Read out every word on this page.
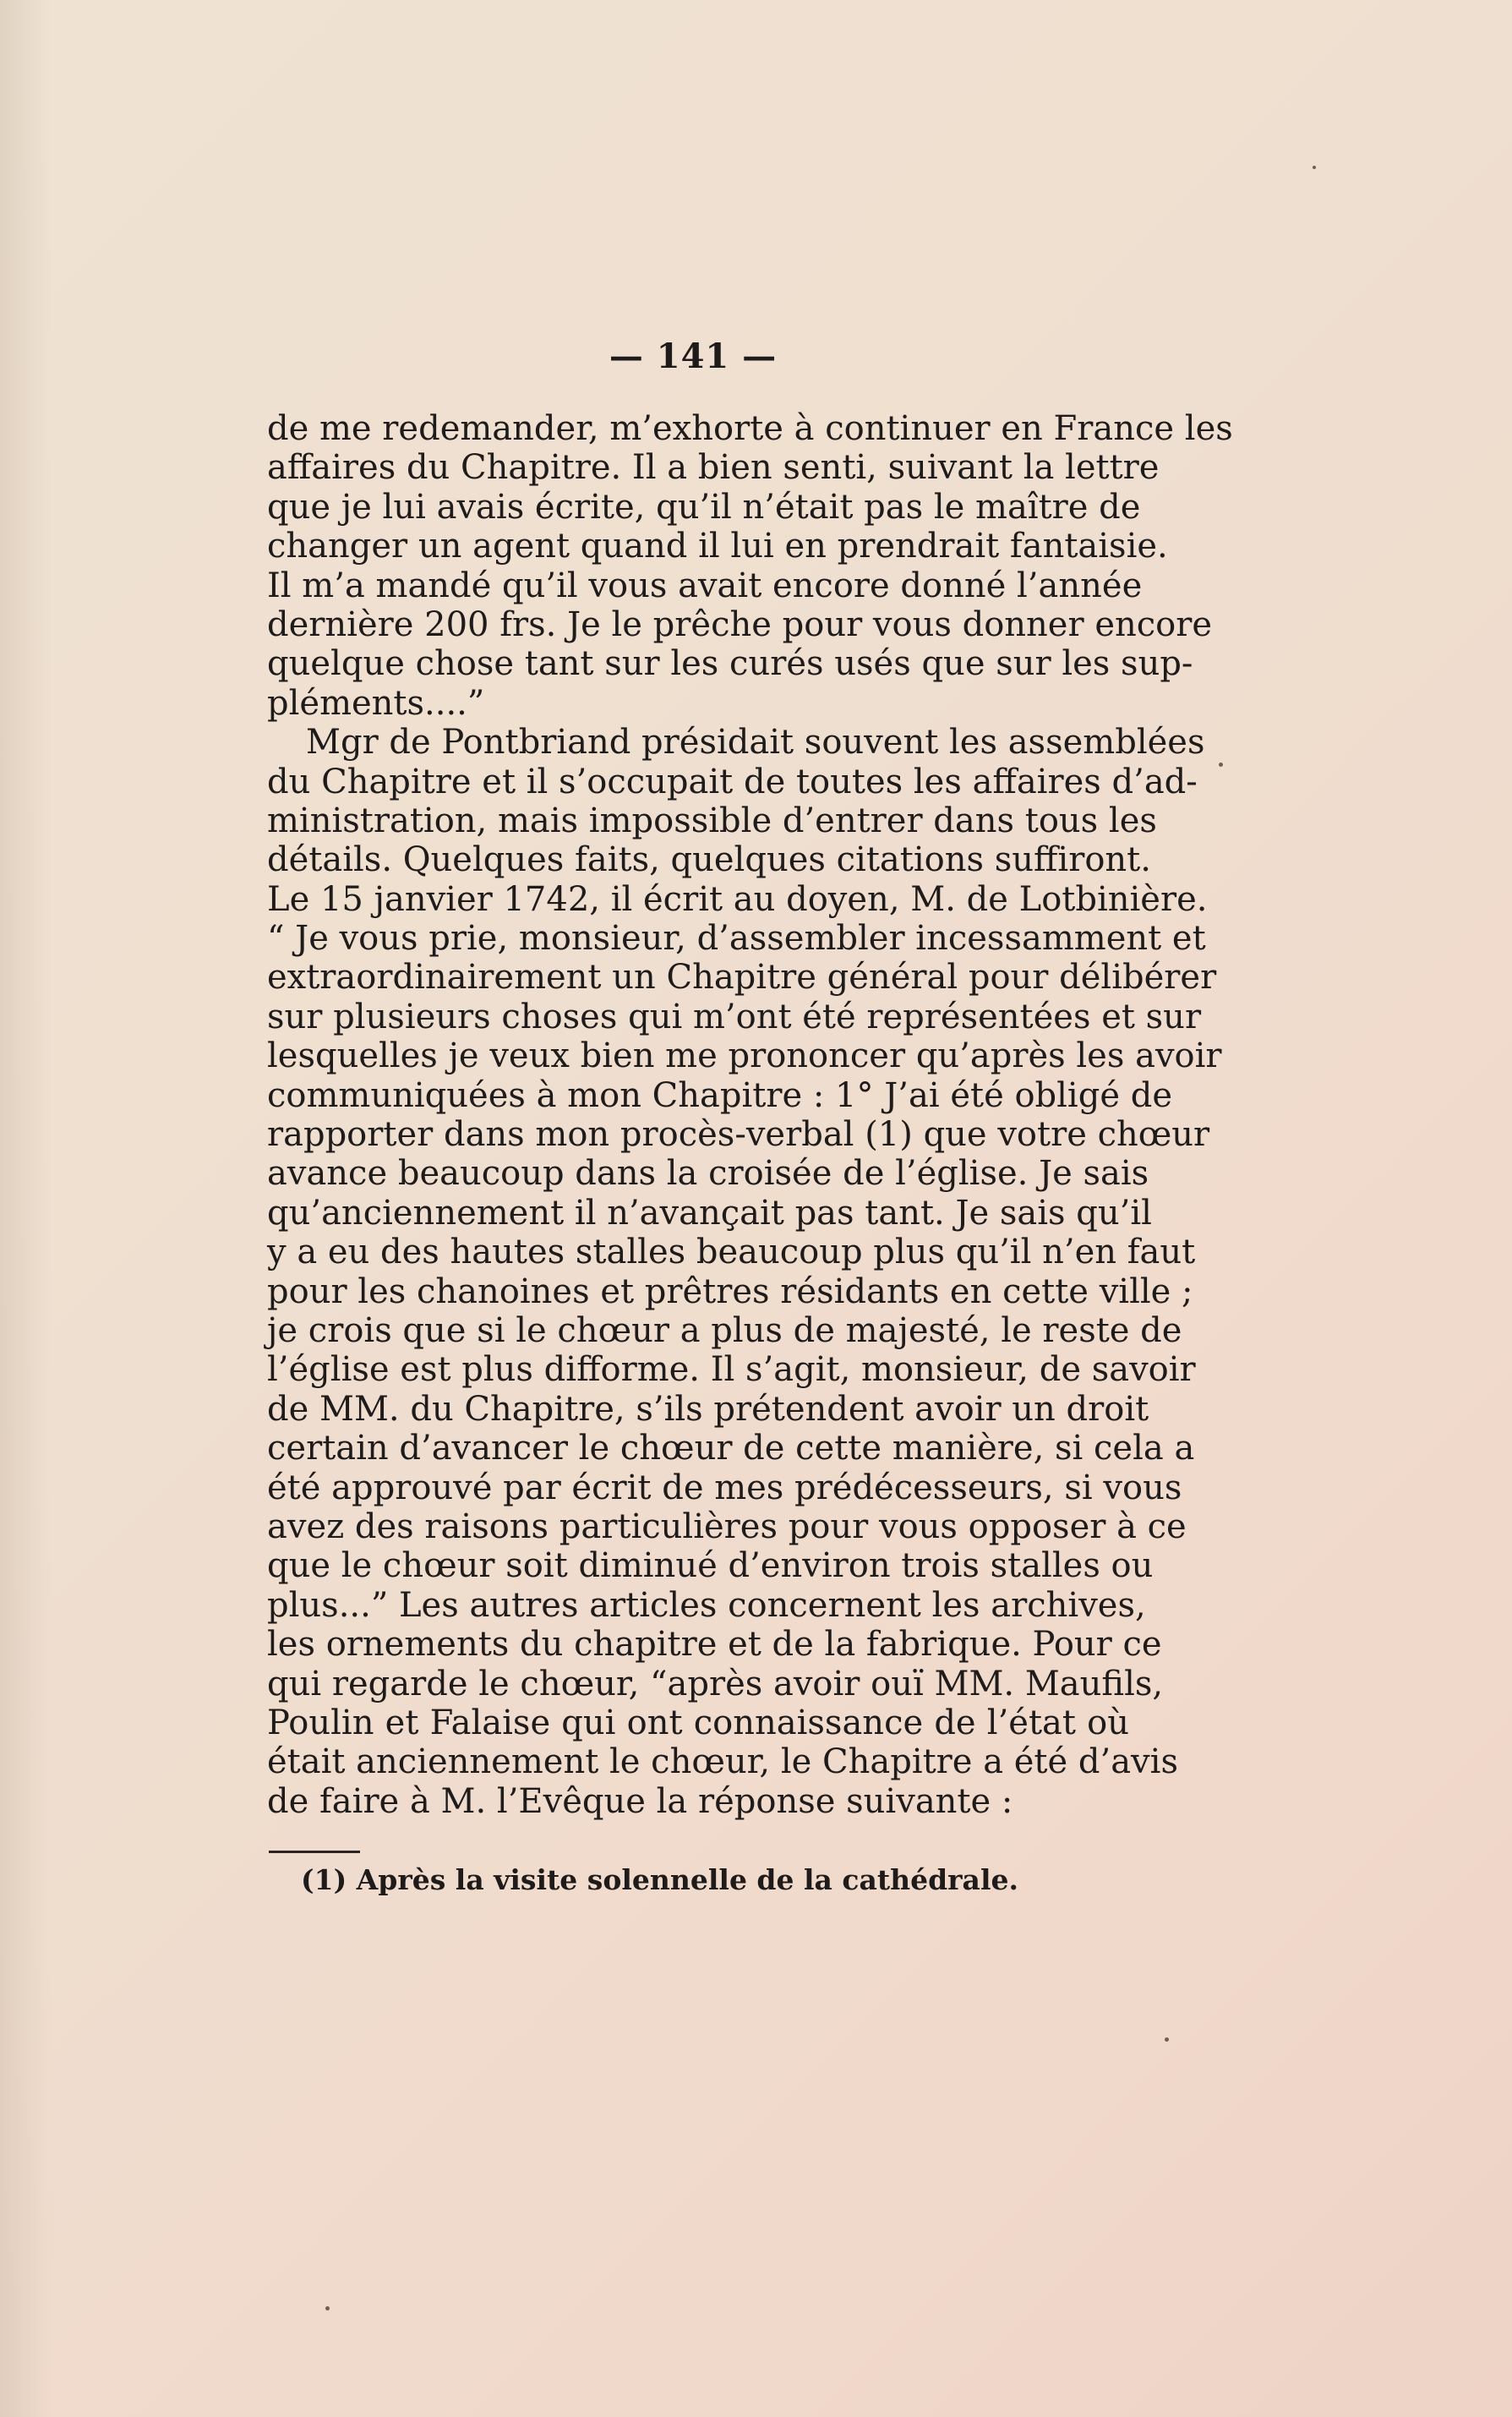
— 141 —
de me redemander, m’exhorte à continuer en France les
affaires du Chapitre. Il a bien senti, suivant la lettre
que je lui avais écrite, qu’il n’était pas le maître de
changer un agent quand il lui en prendrait fantaisie.
Il m’a mandé qu’il vous avait encore donné l’année
dernière 200 frs. Je le prêche pour vous donner encore
quelque chose tant sur les curés usés que sur les sup-
pléments....”
Mgr de Pontbriand présidait souvent les assemblées
du Chapitre et il s’occupait de toutes les affaires d’ad-
ministration, mais impossible d’entrer dans tous les
détails. Quelques faits, quelques citations suffiront.
Le 15 janvier 1742, il écrit au doyen, M. de Lotbinière.
“ Je vous prie, monsieur, d’assembler incessamment et
extraordinairement un Chapitre général pour délibérer
sur plusieurs choses qui m’ont été représentées et sur
lesquelles je veux bien me prononcer qu’après les avoir
communiquées à mon Chapitre : 1° J’ai été obligé de
rapporter dans mon procès-verbal (1) que votre chœur
avance beaucoup dans la croisée de l’église. Je sais
qu’anciennement il n’avançait pas tant. Je sais qu’il
y a eu des hautes stalles beaucoup plus qu’il n’en faut
pour les chanoines et prêtres résidants en cette ville ;
je crois que si le chœur a plus de majesté, le reste de
l’église est plus difforme. Il s’agit, monsieur, de savoir
de MM. du Chapitre, s’ils prétendent avoir un droit
certain d’avancer le chœur de cette manière, si cela a
été approuvé par écrit de mes prédécesseurs, si vous
avez des raisons particulières pour vous opposer à ce
que le chœur soit diminué d’environ trois stalles ou
plus...” Les autres articles concernent les archives,
les ornements du chapitre et de la fabrique. Pour ce
qui regarde le chœur, “après avoir ouï MM. Maufils,
Poulin et Falaise qui ont connaissance de l’état où
était anciennement le chœur, le Chapitre a été d’avis
de faire à M. l’Evêque la réponse suivante :
(1) Après la visite solennelle de la cathédrale.
